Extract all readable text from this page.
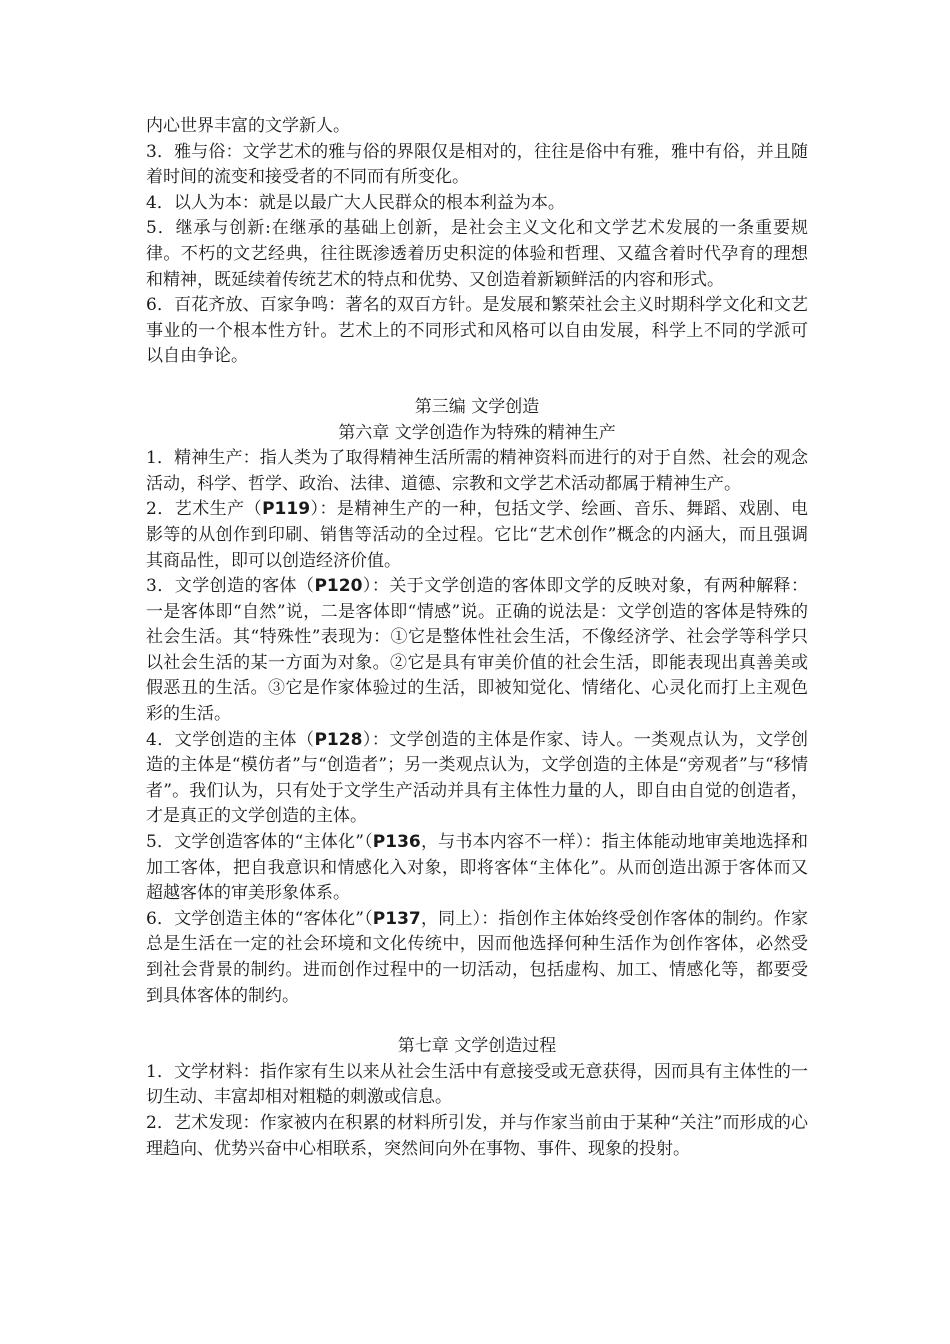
内心世界丰富的文学新人。

3．雅与俗：文学艺术的雅与俗的界限仅是相对的，往往是俗中有雅，雅中有俗，并且随着时间的流变和接受者的不同而有所变化。

4．以人为本：就是以最广大人民群众的根本利益为本。

5．继承与创新:在继承的基础上创新，是社会主义文化和文学艺术发展的一条重要规律。不朽的文艺经典，往往既渗透着历史积淀的体验和哲理、又蕴含着时代孕育的理想和精神，既延续着传统艺术的特点和优势、又创造着新颖鲜活的内容和形式。

6．百花齐放、百家争鸣：著名的双百方针。是发展和繁荣社会主义时期科学文化和文艺事业的一个根本性方针。艺术上的不同形式和风格可以自由发展，科学上不同的学派可以自由争论。

第三编 文学创造

第六章 文学创造作为特殊的精神生产

1．精神生产：指人类为了取得精神生活所需的精神资料而进行的对于自然、社会的观念活动，科学、哲学、政治、法律、道德、宗教和文学艺术活动都属于精神生产。

2．艺术生产（P119）：是精神生产的一种，包括文学、绘画、音乐、舞蹈、戏剧、电影等的从创作到印刷、销售等活动的全过程。它比“艺术创作”概念的内涵大，而且强调其商品性，即可以创造经济价值。

3．文学创造的客体（P120）：关于文学创造的客体即文学的反映对象，有两种解释：一是客体即“自然”说，二是客体即“情感”说。正确的说法是：文学创造的客体是特殊的社会生活。其“特殊性”表现为：①它是整体性社会生活，不像经济学、社会学等科学只以社会生活的某一方面为对象。②它是具有审美价值的社会生活，即能表现出真善美或假恶丑的生活。③它是作家体验过的生活，即被知觉化、情绪化、心灵化而打上主观色彩的生活。

4．文学创造的主体（P128）：文学创造的主体是作家、诗人。一类观点认为，文学创造的主体是“模仿者”与“创造者”；另一类观点认为，文学创造的主体是“旁观者”与“移情者”。我们认为，只有处于文学生产活动并具有主体性力量的人，即自由自觉的创造者，才是真正的文学创造的主体。

5．文学创造客体的“主体化”（P136，与书本内容不一样）：指主体能动地审美地选择和加工客体，把自我意识和情感化入对象，即将客体“主体化”。从而创造出源于客体而又超越客体的审美形象体系。

6．文学创造主体的“客体化”（P137，同上）：指创作主体始终受创作客体的制约。作家总是生活在一定的社会环境和文化传统中，因而他选择何种生活作为创作客体，必然受到社会背景的制约。进而创作过程中的一切活动，包括虚构、加工、情感化等，都要受到具体客体的制约。

第七章 文学创造过程

1．文学材料：指作家有生以来从社会生活中有意接受或无意获得，因而具有主体性的一切生动、丰富却相对粗糙的刺激或信息。

2．艺术发现：作家被内在积累的材料所引发，并与作家当前由于某种“关注”而形成的心理趋向、优势兴奋中心相联系，突然间向外在事物、事件、现象的投射。
